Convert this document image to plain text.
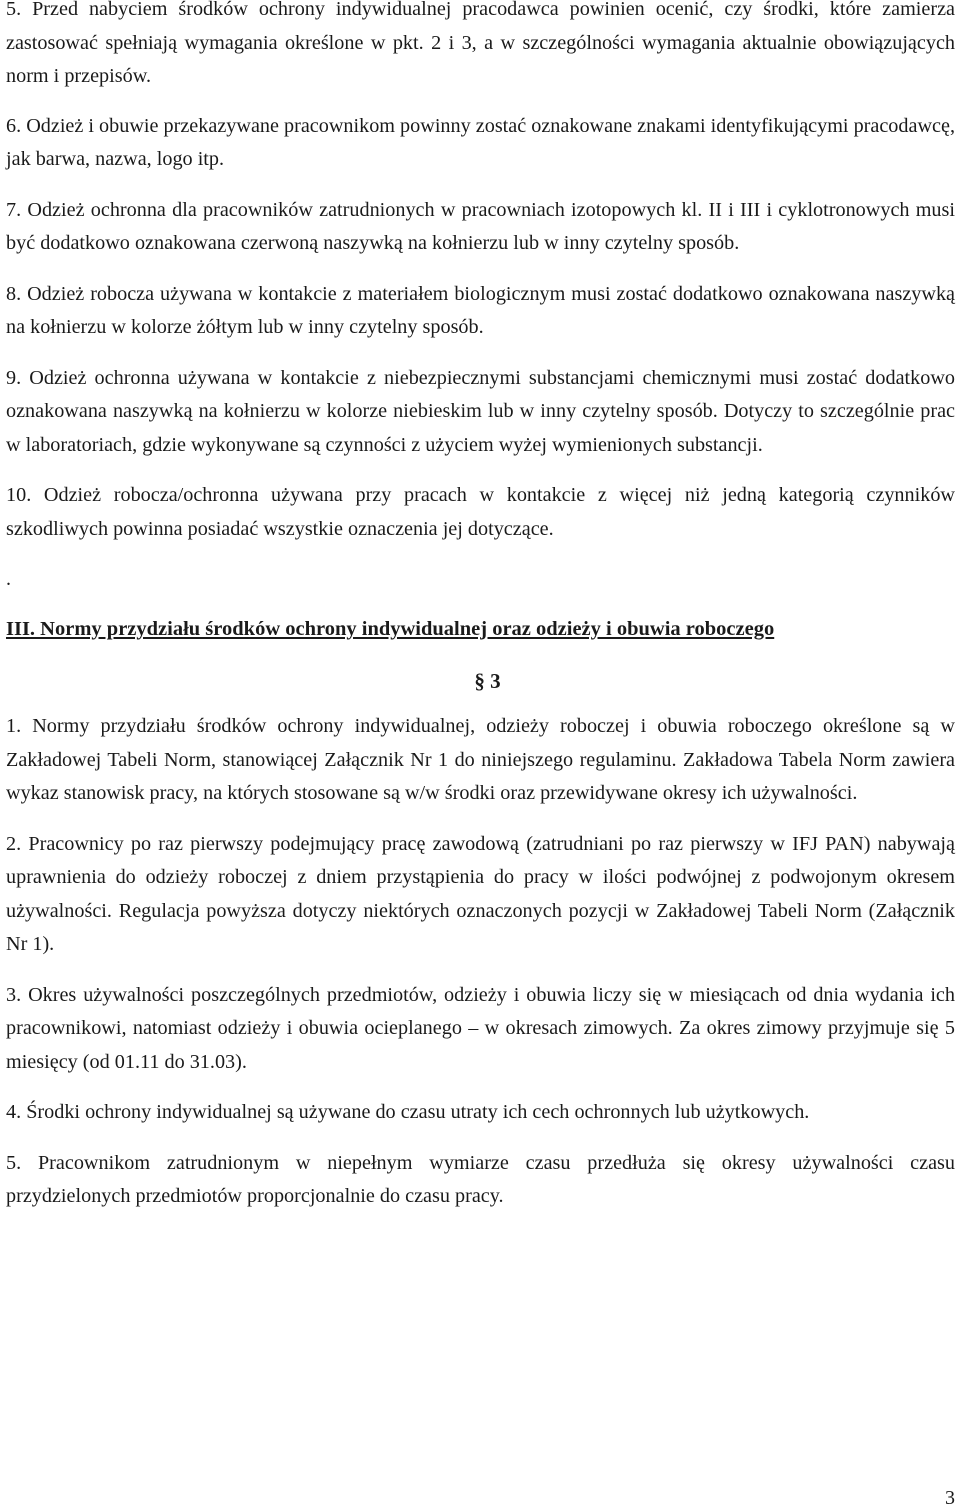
5. Przed nabyciem środków ochrony indywidualnej pracodawca powinien ocenić, czy środki, które zamierza zastosować spełniają wymagania określone w pkt. 2 i 3, a w szczególności wymagania aktualnie obowiązujących norm i przepisów.

6. Odzież i obuwie przekazywane pracownikom powinny zostać oznakowane znakami identyfikującymi pracodawcę, jak barwa, nazwa, logo itp.

7. Odzież ochronna dla pracowników zatrudnionych w pracowniach izotopowych kl. II i III i cyklotronowych musi być dodatkowo oznakowana czerwoną naszywką na kołnierzu lub w inny czytelny sposób.

8. Odzież robocza używana w kontakcie z materiałem biologicznym musi zostać dodatkowo oznakowana naszywką na kołnierzu w kolorze żółtym lub w inny czytelny sposób.

9. Odzież ochronna używana w kontakcie z niebezpiecznymi substancjami chemicznymi musi zostać dodatkowo oznakowana naszywką na kołnierzu w kolorze niebieskim lub w inny czytelny sposób. Dotyczy to szczególnie prac w laboratoriach, gdzie wykonywane są czynności z użyciem wyżej wymienionych substancji.

10. Odzież robocza/ochronna używana przy pracach w kontakcie z więcej niż jedną kategorią czynników szkodliwych powinna posiadać wszystkie oznaczenia jej dotyczące.

.
III. Normy przydziału środków ochrony indywidualnej oraz odzieży i obuwia roboczego
§ 3

1. Normy przydziału środków ochrony indywidualnej, odzieży roboczej i obuwia roboczego określone są w Zakładowej Tabeli Norm, stanowiącej Załącznik Nr 1 do niniejszego regulaminu. Zakładowa Tabela Norm zawiera wykaz stanowisk pracy, na których stosowane są w/w środki oraz przewidywane okresy ich używalności.

2. Pracownicy po raz pierwszy podejmujący pracę zawodową (zatrudniani po raz pierwszy w IFJ PAN) nabywają uprawnienia do odzieży roboczej z dniem przystąpienia do pracy w ilości podwójnej z podwojonym okresem używalności. Regulacja powyższa dotyczy niektórych oznaczonych pozycji w Zakładowej Tabeli Norm (Załącznik Nr 1).

3. Okres używalności poszczególnych przedmiotów, odzieży i obuwia liczy się w miesiącach od dnia wydania ich pracownikowi, natomiast odzieży i obuwia ocieplanego – w okresach zimowych. Za okres zimowy przyjmuje się 5 miesięcy (od 01.11 do 31.03).

4. Środki ochrony indywidualnej są używane do czasu utraty ich cech ochronnych lub użytkowych.

5. Pracownikom zatrudnionym w niepełnym wymiarze czasu przedłuża się okresy używalności czasu przydzielonych przedmiotów proporcjonalnie do czasu pracy.

3
